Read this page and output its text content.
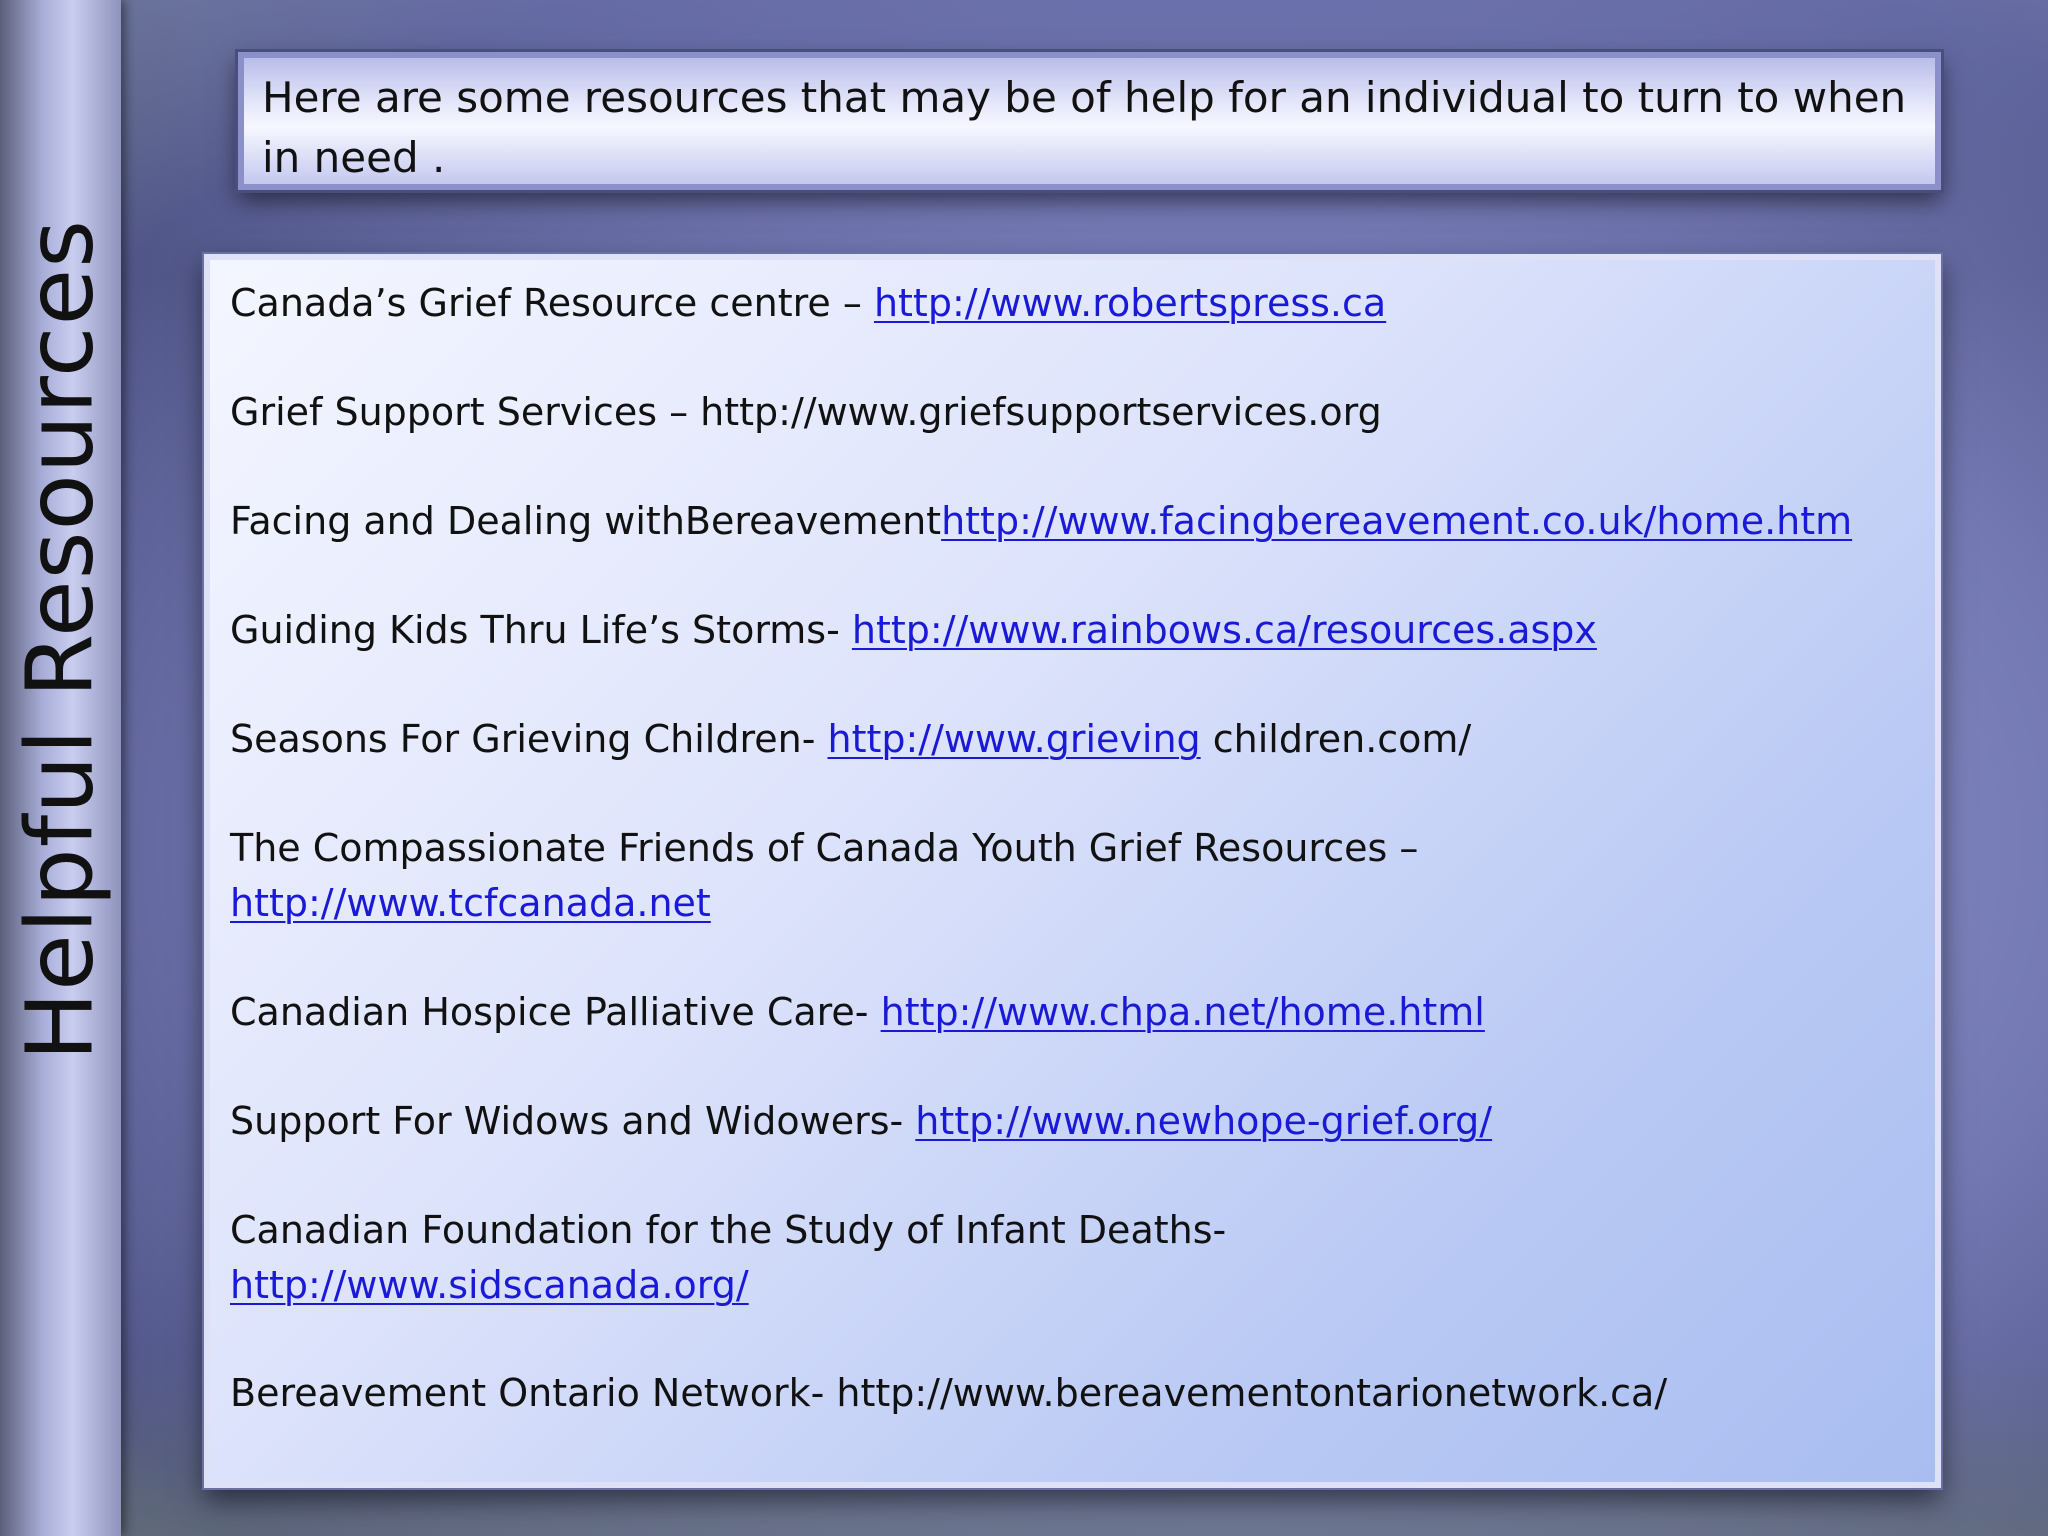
Helpful Resources
Here are some resources that may be of help for an individual to turn to when in need .
Canada’s Grief Resource centre – http://www.robertspress.ca
Grief Support Services – http://www.griefsupportservices.org
Facing and Dealing withBereavementhttp://www.facingbereavement.co.uk/home.htm
Guiding Kids Thru Life’s Storms- http://www.rainbows.ca/resources.aspx
Seasons For Grieving Children- http://www.grieving children.com/
The Compassionate Friends of Canada Youth Grief Resources –
http://www.tcfcanada.net
Canadian Hospice Palliative Care- http://www.chpa.net/home.html
Support For Widows and Widowers- http://www.newhope-grief.org/
Canadian Foundation for the Study of Infant Deaths-
http://www.sidscanada.org/
Bereavement Ontario Network- http://www.bereavementontarionetwork.ca/
